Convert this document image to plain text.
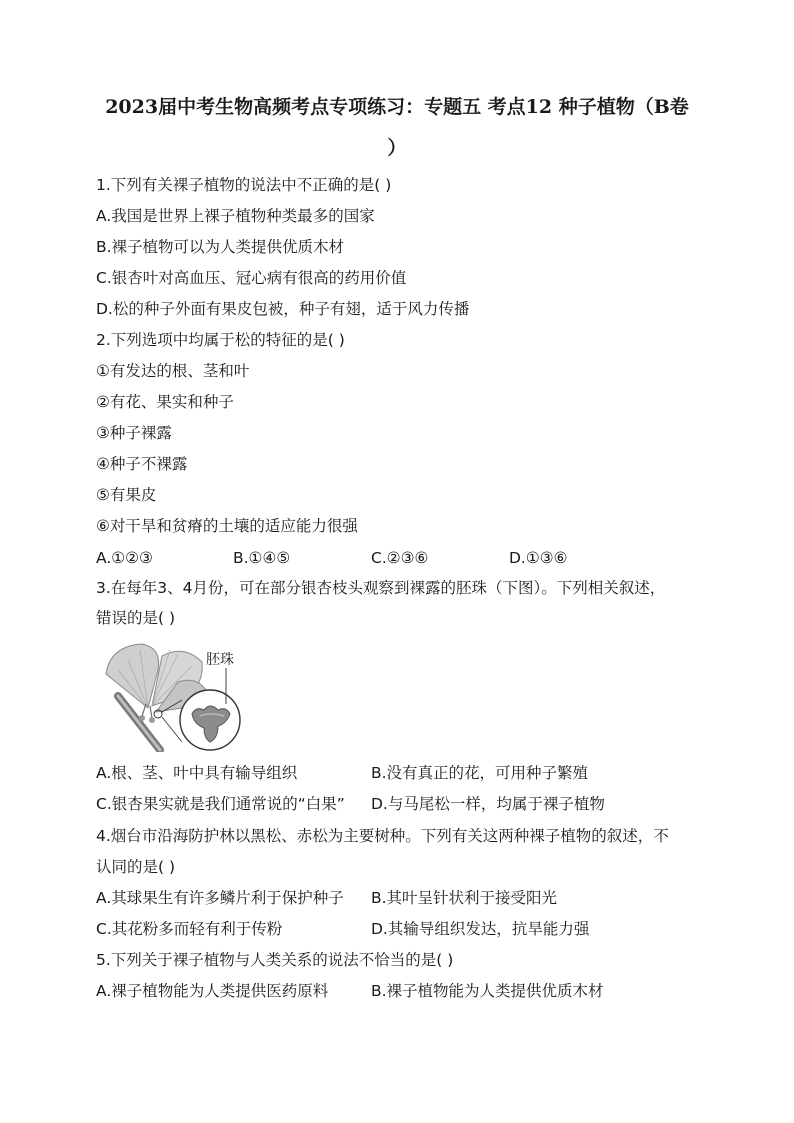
2023届中考生物高频考点专项练习：专题五 考点12 种子植物（B卷
）
1.下列有关裸子植物的说法中不正确的是( )
A.我国是世界上裸子植物种类最多的国家
B.裸子植物可以为人类提供优质木材
C.银杏叶对高血压、冠心病有很高的药用价值
D.松的种子外面有果皮包被，种子有翅，适于风力传播
2.下列选项中均属于松的特征的是( )
①有发达的根、茎和叶
②有花、果实和种子
③种子裸露
④种子不裸露
⑤有果皮
⑥对干旱和贫瘠的土壤的适应能力很强
A.①②③	B.①④⑤	C.②③⑥	D.①③⑥
3.在每年3、4月份，可在部分银杏枝头观察到裸露的胚珠（下图）。下列相关叙述，
错误的是( )
胚珠
A.根、茎、叶中具有输导组织	B.没有真正的花，可用种子繁殖
C.银杏果实就是我们通常说的“白果” D.与马尾松一样，均属于裸子植物
4.烟台市沿海防护林以黑松、赤松为主要树种。下列有关这两种裸子植物的叙述，不
认同的是( )
A.其球果生有许多鳞片利于保护种子 B.其叶呈针状利于接受阳光
C.其花粉多而轻有利于传粉	D.其输导组织发达，抗旱能力强
5.下列关于裸子植物与人类关系的说法不恰当的是( )
A.裸子植物能为人类提供医药原料	B.裸子植物能为人类提供优质木材
